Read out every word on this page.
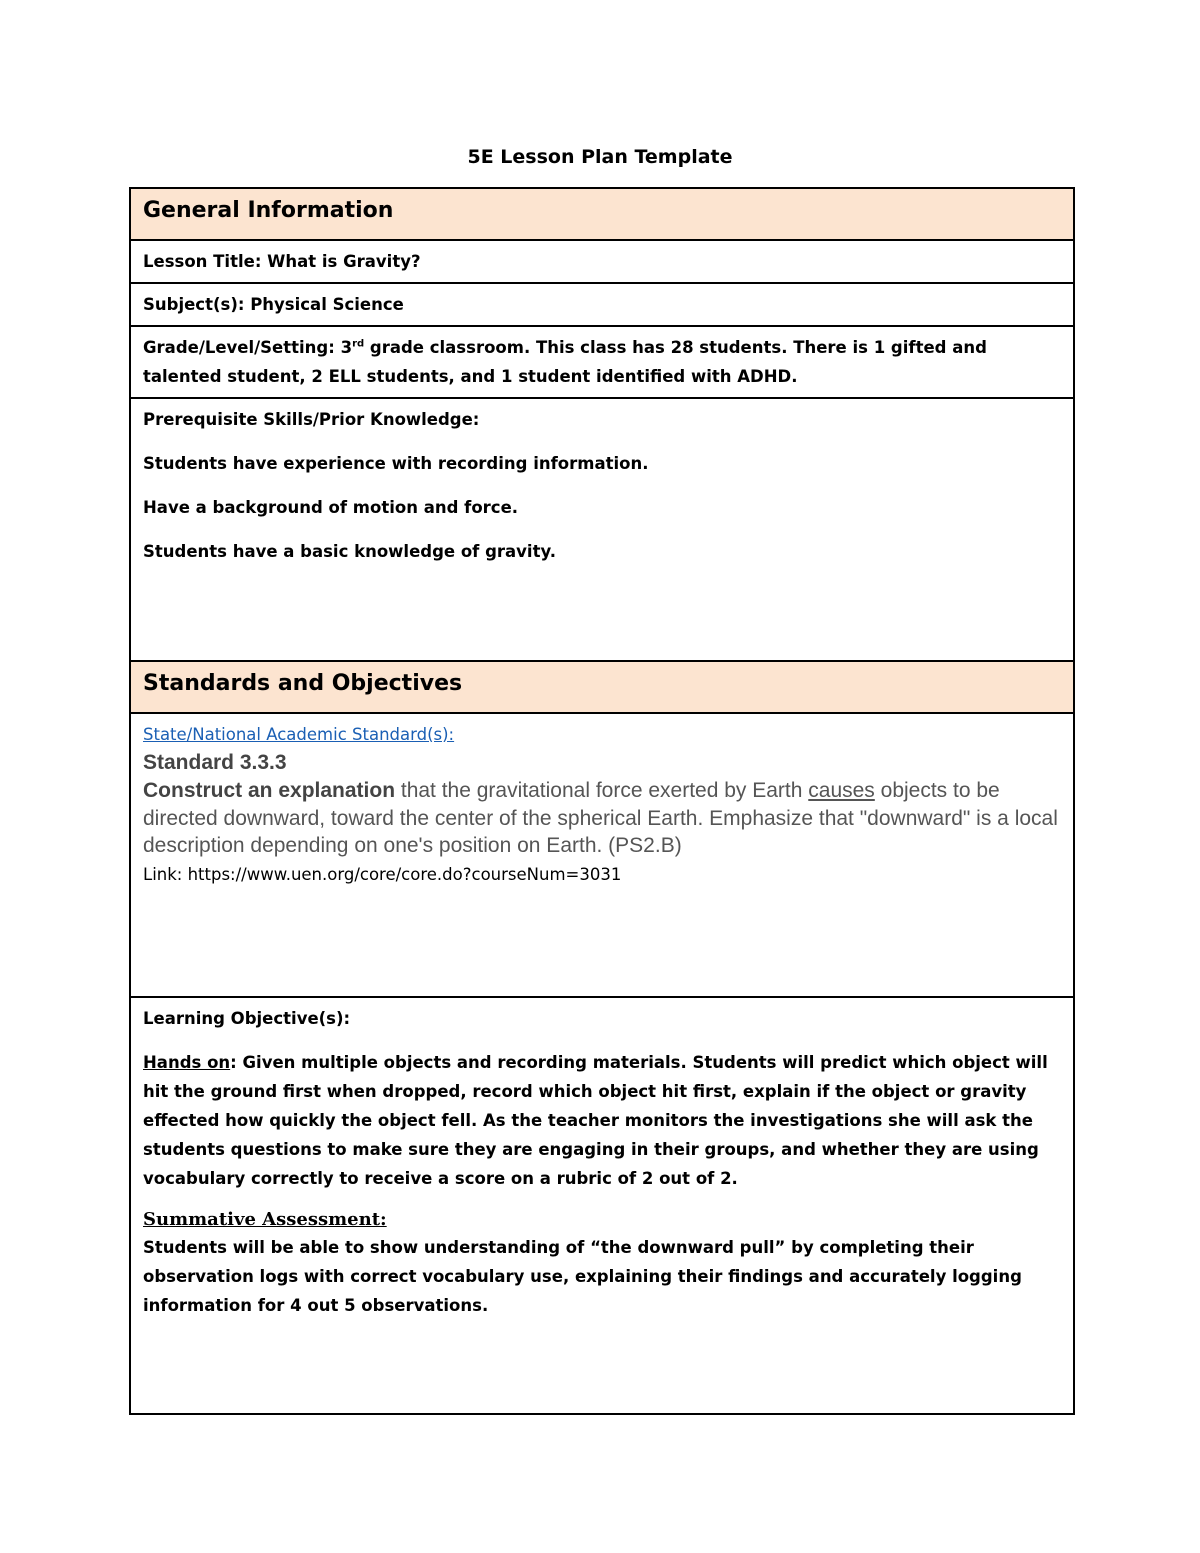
5E Lesson Plan Template
General Information

Lesson Title: What is Gravity?

Subject(s): Physical Science

Grade/Level/Setting: 3rd grade classroom. This class has 28 students. There is 1 gifted and talented student, 2 ELL students, and 1 student identified with ADHD.

Prerequisite Skills/Prior Knowledge:

Students have experience with recording information.

Have a background of motion and force.

Students have a basic knowledge of gravity.

Standards and Objectives

State/National Academic Standard(s):

Standard 3.3.3

Construct an explanation that the gravitational force exerted by Earth causes objects to be directed downward, toward the center of the spherical Earth. Emphasize that "downward" is a local description depending on one's position on Earth. (PS2.B)

Link: https://www.uen.org/core/core.do?courseNum=3031

Learning Objective(s):

Hands on: Given multiple objects and recording materials. Students will predict which object will hit the ground first when dropped, record which object hit first, explain if the object or gravity effected how quickly the object fell. As the teacher monitors the investigations she will ask the students questions to make sure they are engaging in their groups, and whether they are using vocabulary correctly to receive a score on a rubric of 2 out of 2.

Summative Assessment:

Students will be able to show understanding of “the downward pull” by completing their observation logs with correct vocabulary use, explaining their findings and accurately logging information for 4 out 5 observations.
